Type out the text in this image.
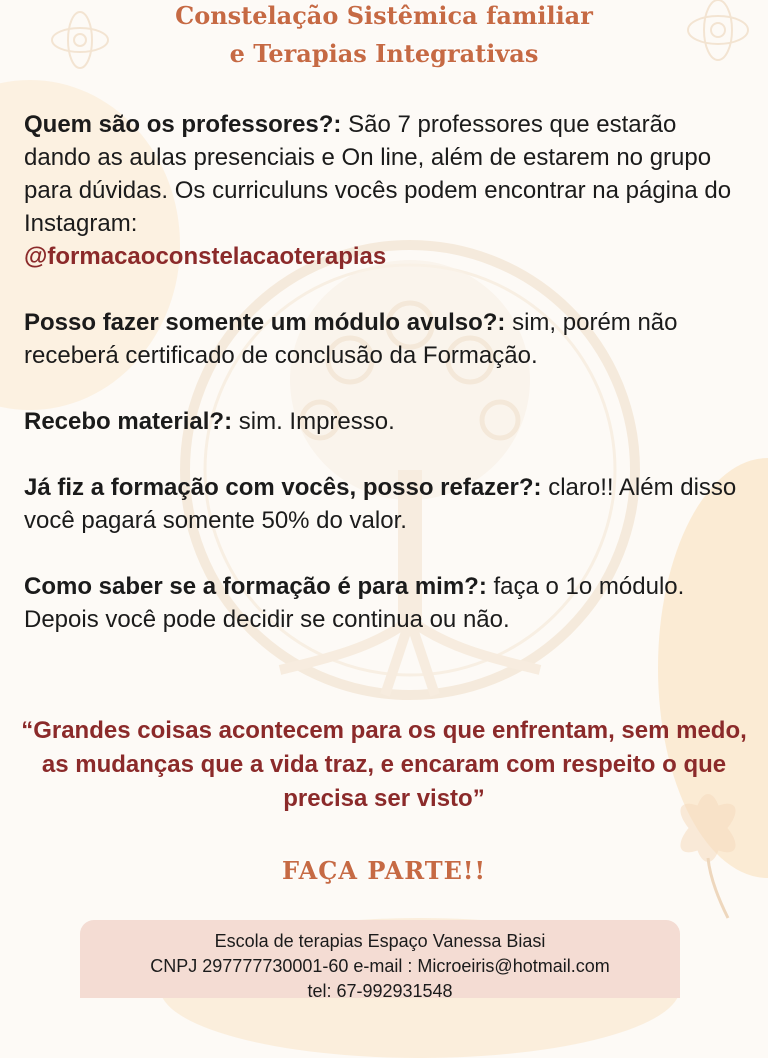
Constelação Sistêmica familiar
e Terapias Integrativas

Quem são os professores?: São 7 professores que estarão dando as aulas presenciais e On line, além de estarem no grupo para dúvidas. Os curriculuns vocês podem encontrar na página do Instagram:
@formacaoconstelacaoterapias

Posso fazer somente um módulo avulso?: sim, porém não receberá certificado de conclusão da Formação.

Recebo material?: sim. Impresso.

Já fiz a formação com vocês, posso refazer?: claro!! Além disso você pagará somente 50% do valor.

Como saber se a formação é para mim?: faça o 1o módulo. Depois você pode decidir se continua ou não.

“Grandes coisas acontecem para os que enfrentam, sem medo, as mudanças que a vida traz, e encaram com respeito o que precisa ser visto”
FAÇA PARTE!!
Escola de terapias Espaço Vanessa Biasi
CNPJ 297777730001-60 e-mail : Microeiris@hotmail.com
tel: 67-992931548
